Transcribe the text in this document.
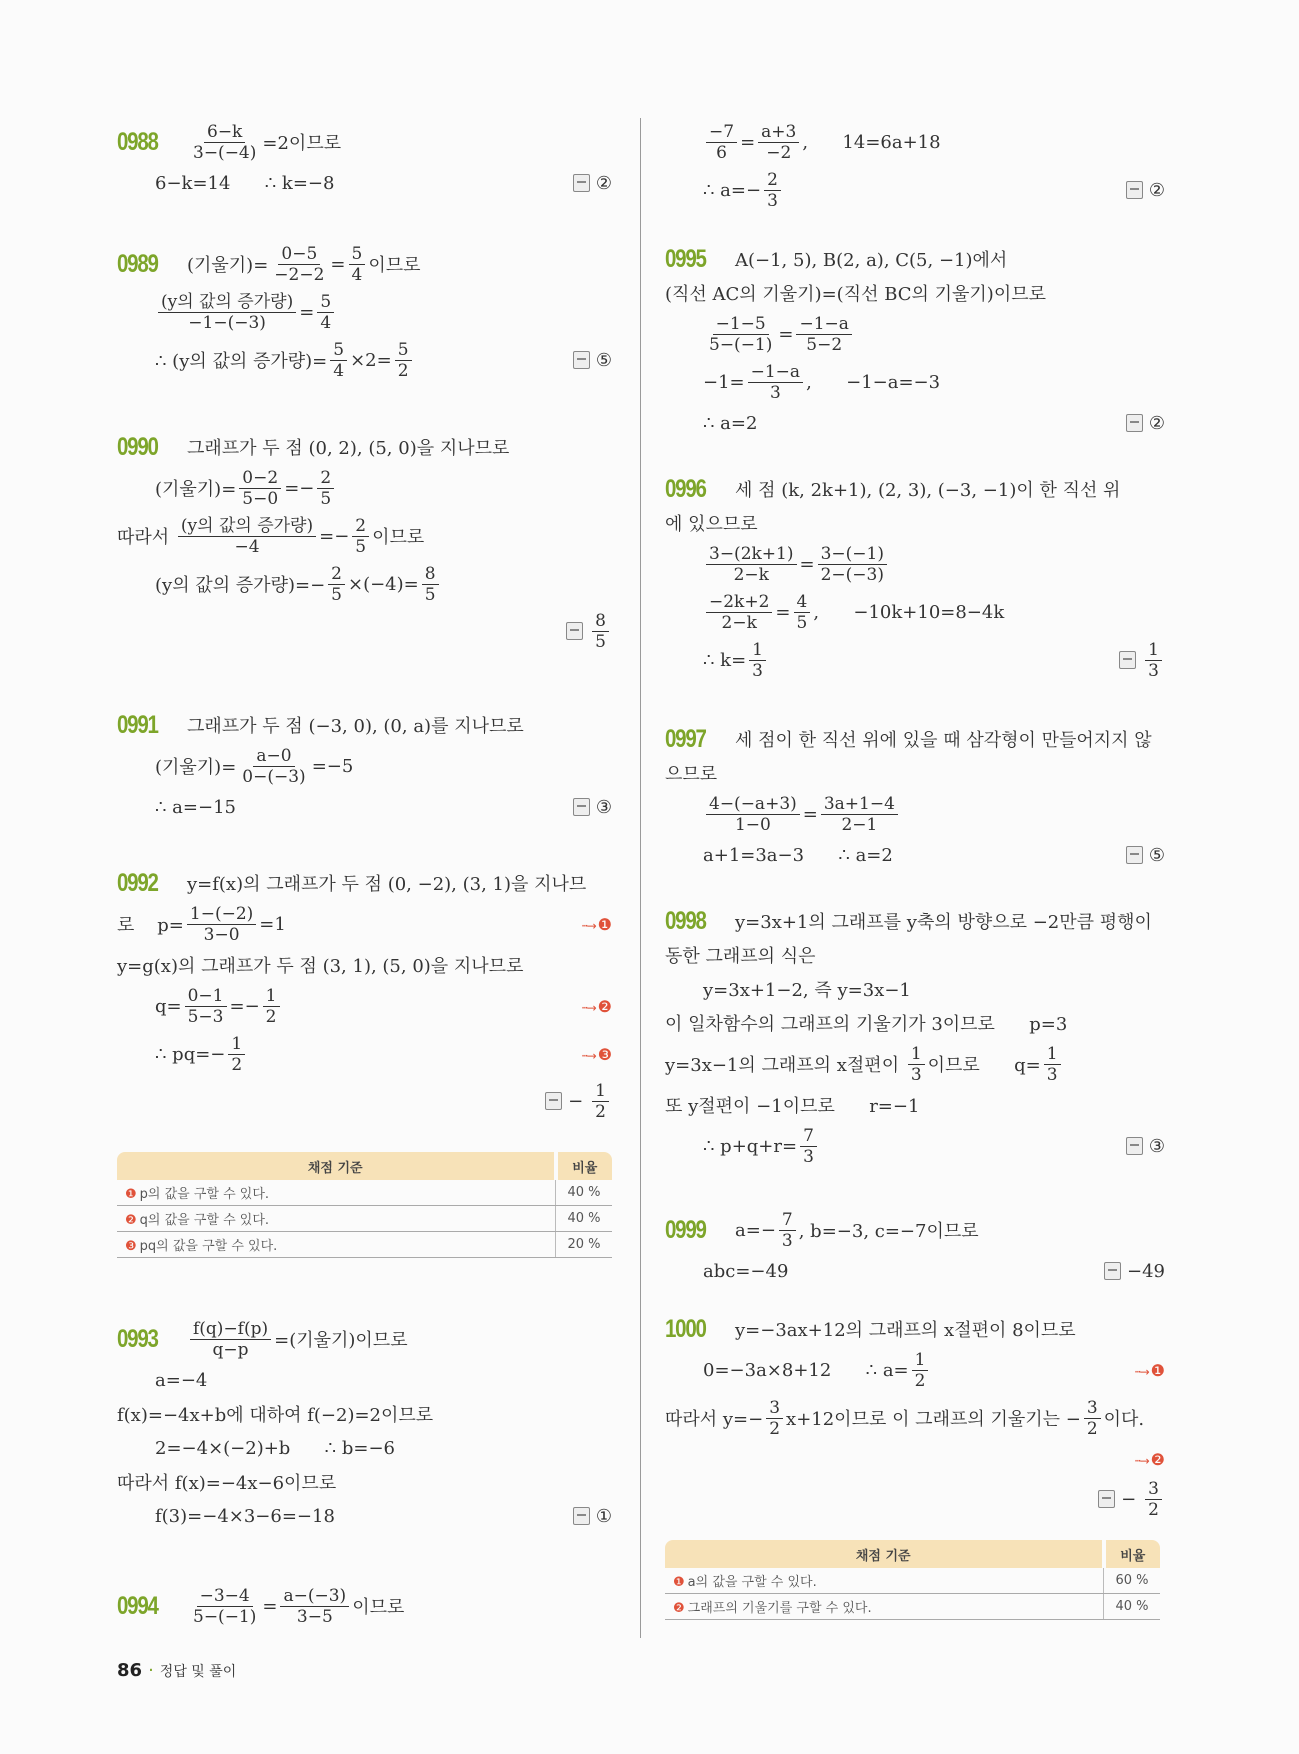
$0988 \frac{6-k}{3-(-4)} =2$이므로
6−k=14      ∴ k=−8	②
0989 (기울기)= $\frac{0-5}{-2-2} = \frac{5}{4}$ 이므로
$\frac{\text{(y의 값의 증가량)}}{-1-(-3)} = \frac{5}{4}$
∴ (y의 값의 증가량)= $\frac{5}{4} \times 2= \frac{5}{2}$	⑤
0990 그래프가 두 점 (0, 2), (5, 0)을 지나므로
(기울기)= $\frac{0-2}{5-0} =- \frac{2}{5}$
따라서 $\frac{\text{(y의 값의 증가량)}}{-4} =- \frac{2}{5}$ 이므로
(y의 값의 증가량)=− $\frac{2}{5} \times(-4)= \frac{8}{5}$
$\frac{8}{5}$
0991 그래프가 두 점 (−3, 0), (0, a)를 지나므로
(기울기)= $\frac{a-0}{0-(-3)} =-5$
∴ a=−15	③
0992 y=f(x)의 그래프가 두 점 (0, −2), (3, 1)을 지나므
로    $p= \frac{1-(-2)}{3-0} =1$	···→ ❶
y=g(x)의 그래프가 두 점 (3, 1), (5, 0)을 지나므로
$q= \frac{0-1}{5-3} =- \frac{1}{2}$	···→ ❷
∴ $pq=- \frac{1}{2}$	···→ ❸
− $\frac{1}{2}$
$0993 \frac{f(q)-f(p)}{q-p}$ =(기울기)이므로
a=−4
f(x)=−4x+b에 대하여 f(−2)=2이므로
2=−4×(−2)+b      ∴ b=−6
따라서 f(x)=−4x−6이므로
f(3)=−4×3−6=−18	①
$0994 \frac{-3-4}{5-(-1)} = \frac{a-(-3)}{3-5}$ 이므로
$\frac{-7}{6} = \frac{a+3}{-2}$ ,      14=6a+18
∴ $a=- \frac{2}{3}$	②
0995 A(−1, 5), B(2, a), C(5, −1)에서
(직선 AC의 기울기)=(직선 BC의 기울기)이므로
$\frac{-1-5}{5-(-1)} = \frac{-1-a}{5-2}$
$-1= \frac{-1-a}{3}$ ,      −1−a=−3
∴ a=2	②
0996 세 점 (k, 2k+1), (2, 3), (−3, −1)이 한 직선 위
에 있으므로
$\frac{3-(2k+1)}{2-k} = \frac{3-(-1)}{2-(-3)}$
$\frac{-2k+2}{2-k} = \frac{4}{5}$ ,      −10k+10=8−4k
∴ $k= \frac{1}{3}$	$\frac{1}{3}$
0997 세 점이 한 직선 위에 있을 때 삼각형이 만들어지지 않
으므로
$\frac{4-(-a+3)}{1-0} = \frac{3a+1-4}{2-1}$
a+1=3a−3      ∴ a=2	⑤
0998 y=3x+1의 그래프를 y축의 방향으로 −2만큼 평행이
동한 그래프의 식은
y=3x+1−2, 즉 y=3x−1
이 일차함수의 그래프의 기울기가 3이므로      p=3
y=3x−1의 그래프의 x절편이 $\frac{1}{3}$ 이므로      $q= \frac{1}{3}$
또 y절편이 −1이므로      r=−1
∴ $p+q+r= \frac{7}{3}$	③
0999 $a=- \frac{7}{3}$ , b=−3, c=−7이므로
abc=−49	−49
1000 y=−3ax+12의 그래프의 x절편이 8이므로
0=−3a×8+12      ∴ $a= \frac{1}{2}$	···→ ❶
따라서 $y=- \frac{3}{2} x+12$이므로 이 그래프의 기울기는 − $\frac{3}{2}$ 이다.
···→ ❷
− $\frac{3}{2}$
채점 기준	비율
❶ p의 값을 구할 수 있다.	40 %
❷ q의 값을 구할 수 있다.	40 %
❸ pq의 값을 구할 수 있다.	20 %
채점 기준	비율
❶ a의 값을 구할 수 있다.	60 %
❷ 그래프의 기울기를 구할 수 있다.	40 %
86 · 정답 및 풀이
